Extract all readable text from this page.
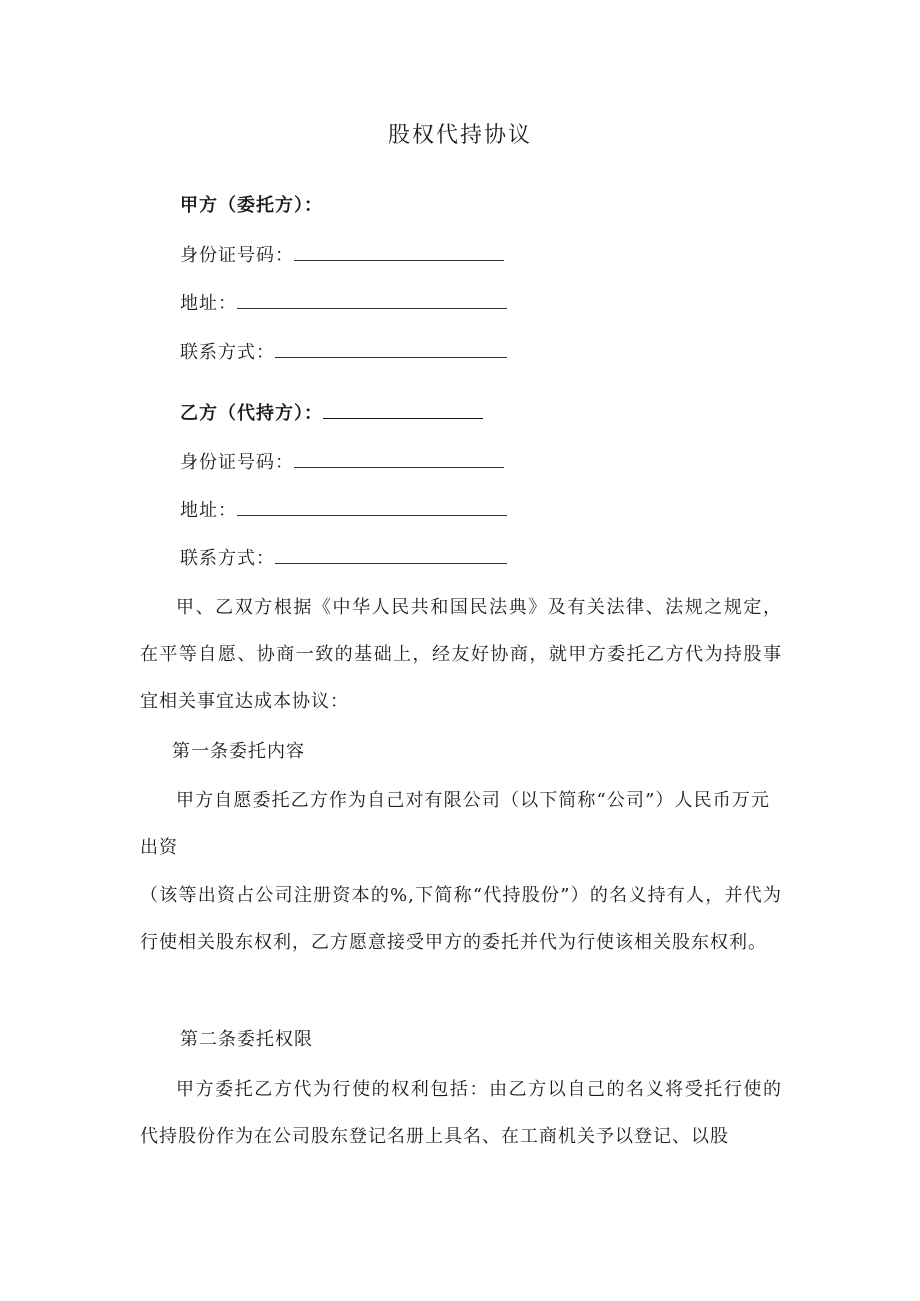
股权代持协议
甲方（委托方）：
身份证号码：
地址：
联系方式：
乙方（代持方）：
身份证号码：
地址：
联系方式：
甲、乙双方根据《中华人民共和国民法典》及有关法律、法规之规定，在平等自愿、协商一致的基础上，经友好协商，就甲方委托乙方代为持股事宜相关事宜达成本协议：
第一条委托内容
甲方自愿委托乙方作为自己对有限公司（以下简称“公司”）人民币万元出资
（该等出资占公司注册资本的%,下简称“代持股份”）的名义持有人，并代为行使相关股东权利，乙方愿意接受甲方的委托并代为行使该相关股东权利。
第二条委托权限
甲方委托乙方代为行使的权利包括：由乙方以自己的名义将受托行使的代持股份作为在公司股东登记名册上具名、在工商机关予以登记、以股
